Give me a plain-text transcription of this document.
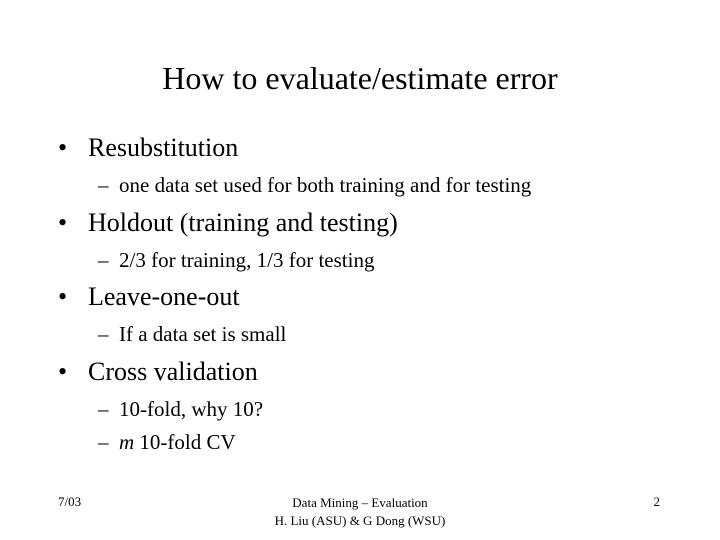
How to evaluate/estimate error
• Resubstitution
– one data set used for both training and for testing
• Holdout (training and testing)
– 2/3 for training, 1/3 for testing
• Leave-one-out
– If a data set is small
• Cross validation
– 10-fold, why 10?
– m 10-fold CV
7/03	Data Mining – Evaluation
H. Liu (ASU) & G Dong (WSU)
2
